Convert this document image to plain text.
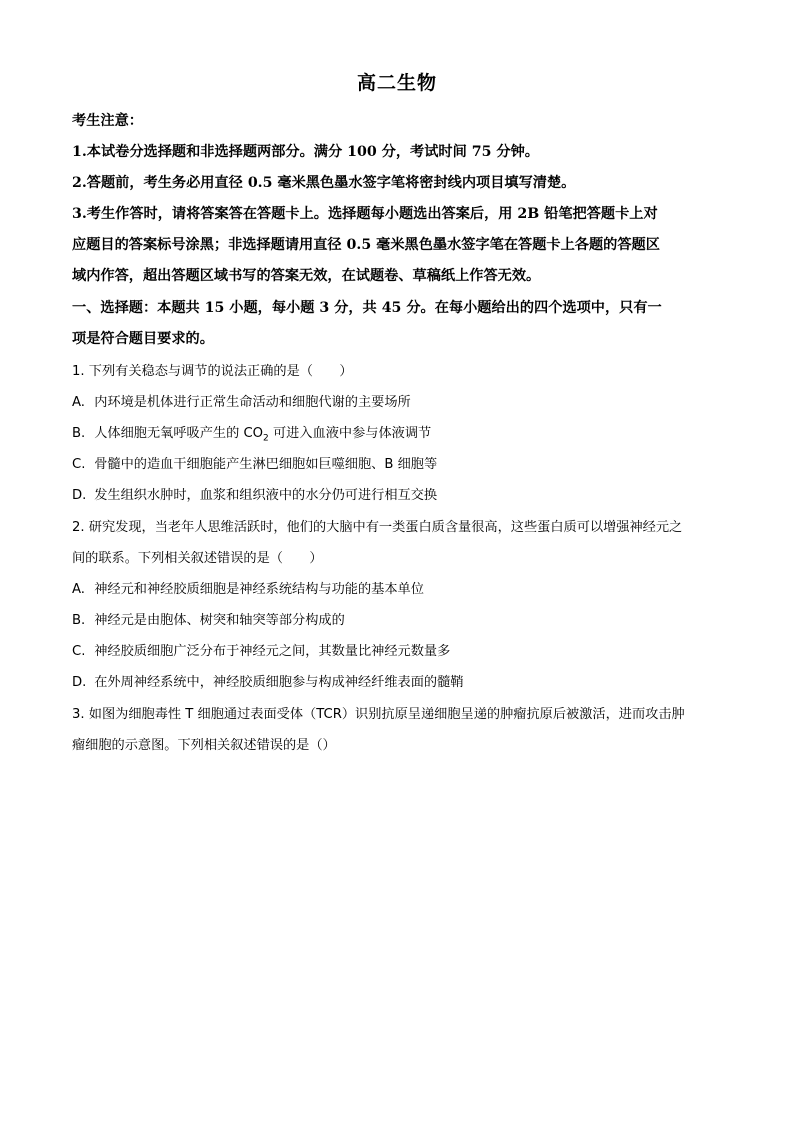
高二生物
考生注意：
1.本试卷分选择题和非选择题两部分。满分 100 分，考试时间 75 分钟。
2.答题前，考生务必用直径 0.5 毫米黑色墨水签字笔将密封线内项目填写清楚。
3.考生作答时，请将答案答在答题卡上。选择题每小题选出答案后，用 2B 铅笔把答题卡上对
应题目的答案标号涂黑；非选择题请用直径 0.5 毫米黑色墨水签字笔在答题卡上各题的答题区
域内作答，超出答题区域书写的答案无效，在试题卷、草稿纸上作答无效。
一、选择题：本题共 15 小题，每小题 3 分，共 45 分。在每小题给出的四个选项中，只有一
项是符合题目要求的。
1. 下列有关稳态与调节的说法正确的是（　　）
A. 内环境是机体进行正常生命活动和细胞代谢的主要场所
B. 人体细胞无氧呼吸产生的 $CO_2$ 可进入血液中参与体液调节
C. 骨髓中的造血干细胞能产生淋巴细胞如巨噬细胞、B 细胞等
D. 发生组织水肿时，血浆和组织液中的水分仍可进行相互交换
2. 研究发现，当老年人思维活跃时，他们的大脑中有一类蛋白质含量很高，这些蛋白质可以增强神经元之
间的联系。下列相关叙述错误的是（　　）
A. 神经元和神经胶质细胞是神经系统结构与功能的基本单位
B. 神经元是由胞体、树突和轴突等部分构成的
C. 神经胶质细胞广泛分布于神经元之间，其数量比神经元数量多
D. 在外周神经系统中，神经胶质细胞参与构成神经纤维表面的髓鞘
3. 如图为细胞毒性 T 细胞通过表面受体（TCR）识别抗原呈递细胞呈递的肿瘤抗原后被激活，进而攻击肿
瘤细胞的示意图。下列相关叙述错误的是（）
